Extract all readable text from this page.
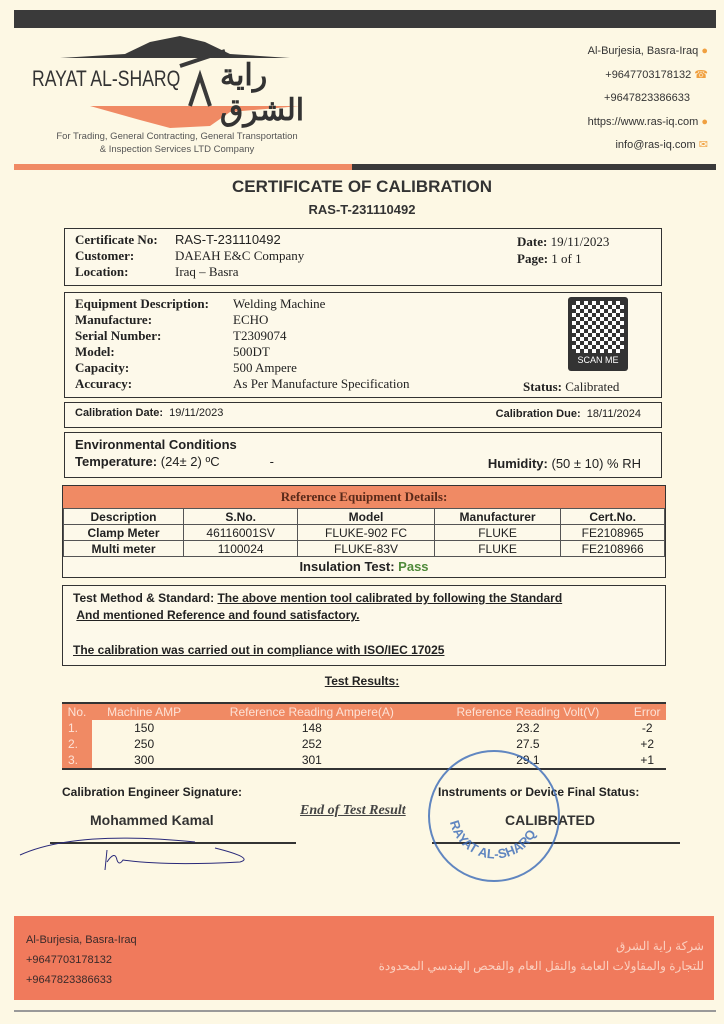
RAYAT AL-SHARQ راية الشرق
For Trading, General Contracting, General Transportation
& Inspection Services LTD Company
Al-Burjesia, Basra-Iraq ●
+9647703178132 ☎
+9647823386633
https://www.ras-iq.com ●
info@ras-iq.com ✉
CERTIFICATE OF CALIBRATION
RAS-T-231110492
Certificate No:	RAS-T-231110492
Customer:	DAEAH E&C Company
Location:	Iraq – Basra
Date: 19/11/2023
Page: 1 of 1
Equipment Description:	Welding Machine
Manufacture:	ECHO
Serial Number:	T2309074
Model:	500DT
Capacity:	500 Ampere
Accuracy:	As Per Manufacture Specification
SCAN ME
Status: Calibrated
Calibration Date: 19/11/2023	Calibration Due: 18/11/2024
Environmental Conditions
Temperature: (24± 2) ºC	-	Humidity: (50 ± 10) % RH
Reference Equipment Details:
Description	S.No.	Model	Manufacturer	Cert.No.
Clamp Meter	46116001SV	FLUKE-902 FC	FLUKE	FE2108965
Multi meter	1100024	FLUKE-83V	FLUKE	FE2108966
Insulation Test: Pass
Test Method & Standard: The above mention tool calibrated by following the Standard
And mentioned Reference and found satisfactory.
The calibration was carried out in compliance with ISO/IEC 17025
Test Results:
No.	Machine AMP	Reference Reading Ampere(A)	Reference Reading Volt(V)	Error
1.	150	148	23.2	-2
2.	250	252	27.5	+2
3.	300	301	29.1	+1
Calibration Engineer Signature:
Mohammed Kamal
End of Test Result
Instruments or Device Final Status:
CALIBRATED
RAYAT AL-SHARQ
Al-Burjesia, Basra-Iraq
+9647703178132
+9647823386633
شركة راية الشرق
للتجارة والمقاولات العامة والنقل العام والفحص الهندسي المحدودة
